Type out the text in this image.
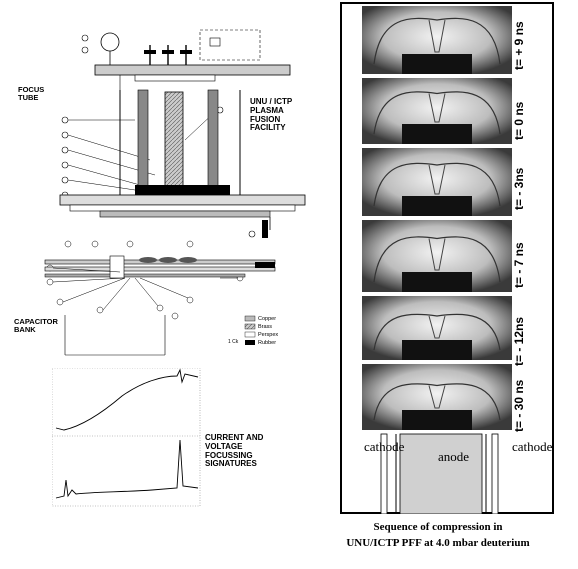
Copper
Brass
Perspex
Rubber
1 Ck
FOCUS
TUBE	UNU / ICTP
PLASMA
FUSION
FACILITY
CAPACITOR
BANK
CURRENT AND
VOLTAGE
FOCUSSING
SIGNATURES
t= + 9 ns
t= 0 ns
t= - 3ns
t= - 7 ns
t= - 12ns
t= - 30 ns
cathode
anode
cathode
Sequence of compression in
UNU/ICTP PFF at 4.0 mbar deuterium
